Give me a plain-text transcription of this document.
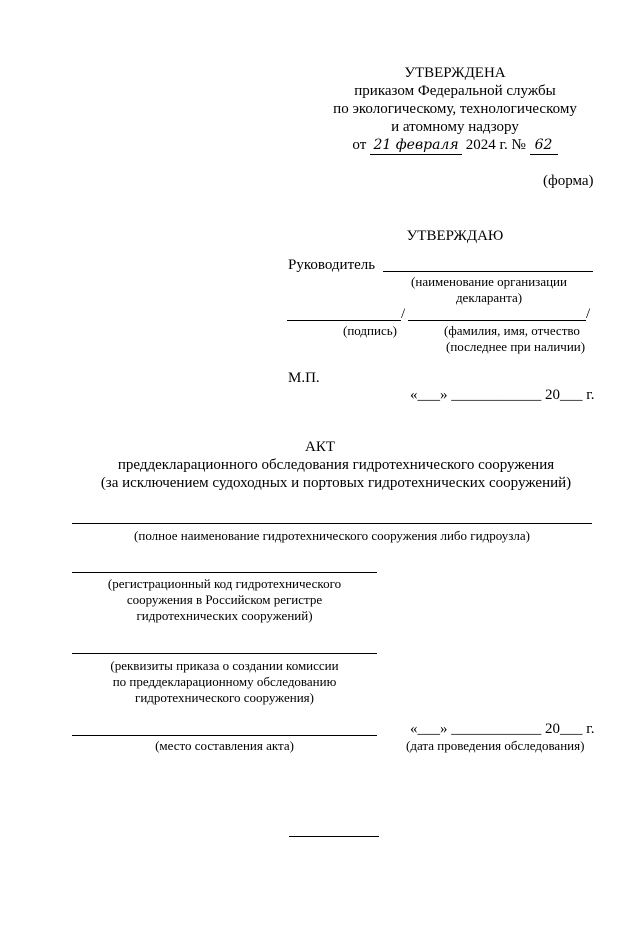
УТВЕРЖДЕНА
приказом Федеральной службы
по экологическому, технологическому
и атомному надзору
от 21 февраля 2024 г. № 62
(форма)
УТВЕРЖДАЮ
Руководитель
(наименование организации декларанта)
/	/
(подпись)	(фамилия, имя, отчество
(последнее при наличии)
М.П.
«___» ____________ 20___ г.
АКТ
преддекларационного обследования гидротехнического сооружения
(за исключением судоходных и портовых гидротехнических сооружений)
(полное наименование гидротехнического сооружения либо гидроузла)
(регистрационный код гидротехнического
сооружения в Российском регистре
гидротехнических сооружений)
(реквизиты приказа о создании комиссии
по преддекларационному обследованию
гидротехнического сооружения)
(место составления акта)
«___» ____________ 20___ г.
(дата проведения обследования)
